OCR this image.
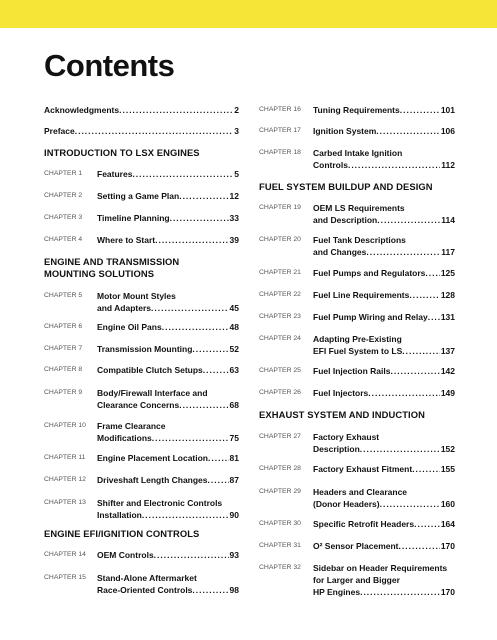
Contents
Acknowledgments .....	2
Preface .....	3
INTRODUCTION TO LSX ENGINES
CHAPTER 1 Features .....	5
CHAPTER 2 Setting a Game Plan .....	12
CHAPTER 3 Timeline Planning .....	33
CHAPTER 4 Where to Start .....	39
ENGINE AND TRANSMISSION
MOUNTING SOLUTIONS
CHAPTER 5 Motor Mount Styles
and Adapters .....	45
CHAPTER 6 Engine Oil Pans .....	48
CHAPTER 7 Transmission Mounting .....	52
CHAPTER 8 Compatible Clutch Setups .....	63
CHAPTER 9 Body/Firewall Interface and
Clearance Concerns .....	68
CHAPTER 10 Frame Clearance
Modifications .....	75
CHAPTER 11 Engine Placement Location .....	81
CHAPTER 12 Driveshaft Length Changes .....	87
CHAPTER 13 Shifter and Electronic Controls
Installation .....	90
ENGINE EFI/IGNITION CONTROLS
CHAPTER 14 OEM Controls .....	93
CHAPTER 15 Stand-Alone Aftermarket
Race-Oriented Controls .....	98
CHAPTER 16 Tuning Requirements .....	101
CHAPTER 17 Ignition System .....	106
CHAPTER 18 Carbed Intake Ignition
Controls .....	112
FUEL SYSTEM BUILDUP AND DESIGN
CHAPTER 19 OEM LS Requirements
and Description .....	114
CHAPTER 20 Fuel Tank Descriptions
and Changes .....	117
CHAPTER 21 Fuel Pumps and Regulators ..... 125
CHAPTER 22 Fuel Line Requirements .....	128
CHAPTER 23 Fuel Pump Wiring and Relay ..... 131
CHAPTER 24 Adapting Pre-Existing
EFI Fuel System to LS .....	137
CHAPTER 25 Fuel Injection Rails .....	142
CHAPTER 26 Fuel Injectors .....	149
EXHAUST SYSTEM AND INDUCTION
CHAPTER 27 Factory Exhaust
Description .....	152
CHAPTER 28 Factory Exhaust Fitment .....	155
CHAPTER 29 Headers and Clearance
(Donor Headers) .....	160
CHAPTER 30 Specific Retrofit Headers .....	164
CHAPTER 31 O² Sensor Placement .....	170
CHAPTER 32 Sidebar on Header Requirements
for Larger and Bigger
HP Engines .....	170
